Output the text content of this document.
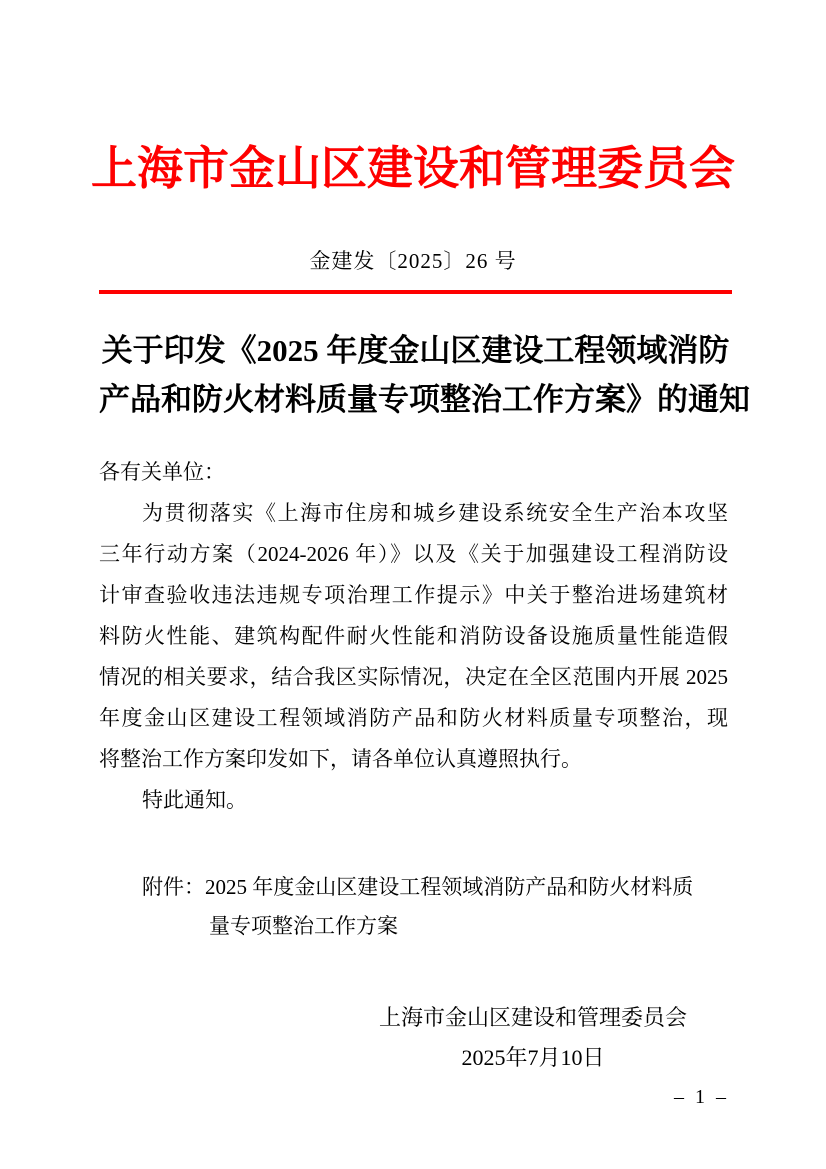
上海市金山区建设和管理委员会
金建发〔2025〕26 号
关于印发《2025 年度金山区建设工程领域消防
产品和防火材料质量专项整治工作方案》的通知
各有关单位：
为贯彻落实《上海市住房和城乡建设系统安全生产治本攻坚
三年行动方案（2024-2026 年）》以及《关于加强建设工程消防设
计审查验收违法违规专项治理工作提示》中关于整治进场建筑材
料防火性能、建筑构配件耐火性能和消防设备设施质量性能造假
情况的相关要求，结合我区实际情况，决定在全区范围内开展 2025
年度金山区建设工程领域消防产品和防火材料质量专项整治，现
将整治工作方案印发如下，请各单位认真遵照执行。
特此通知。
附件：2025 年度金山区建设工程领域消防产品和防火材料质
量专项整治工作方案
上海市金山区建设和管理委员会
2025年7月10日
– 1 –
